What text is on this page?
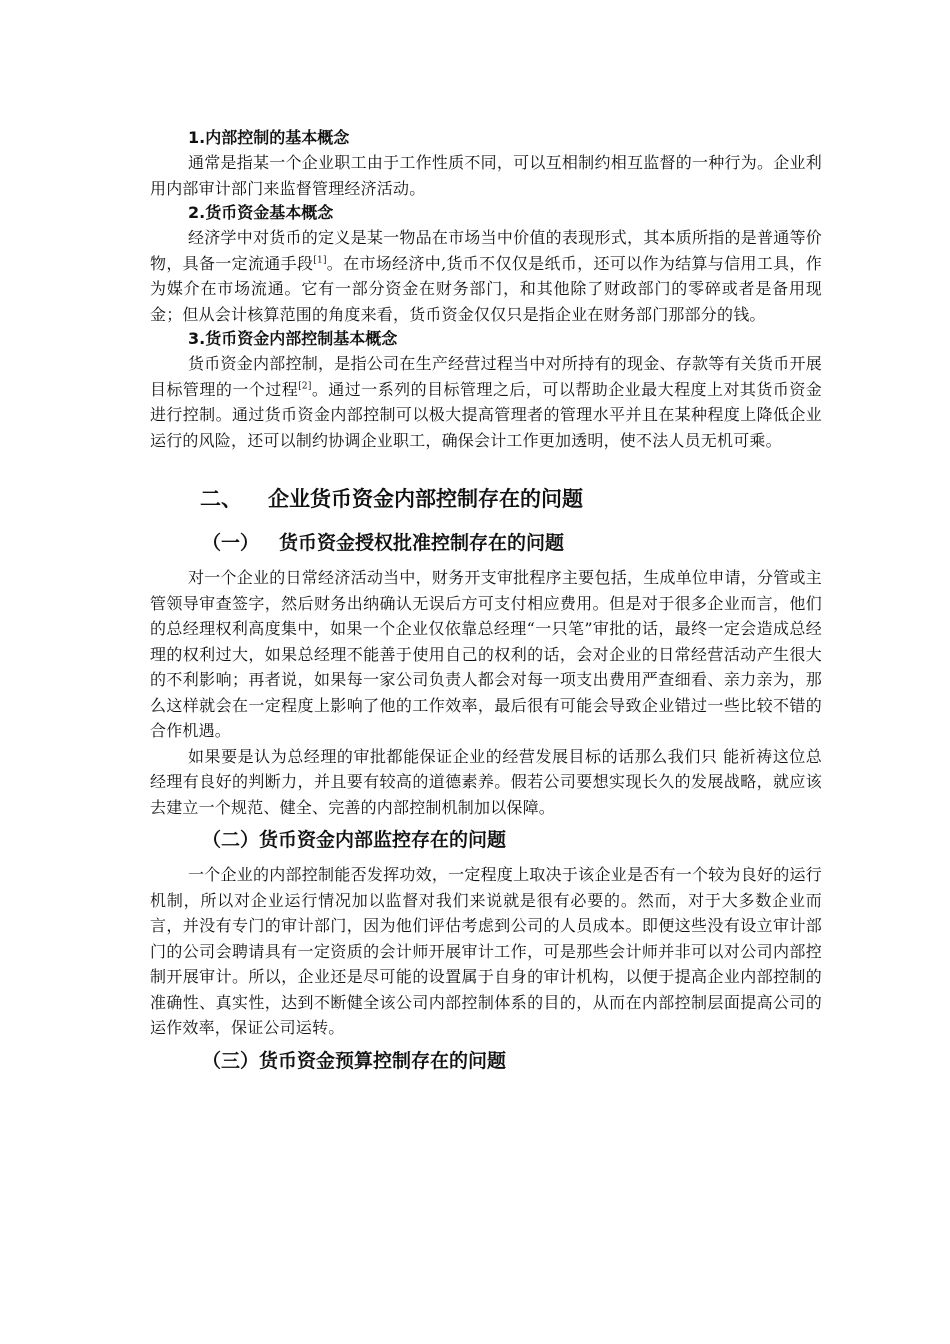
1.内部控制的基本概念

通常是指某一个企业职工由于工作性质不同，可以互相制约相互监督的一种行为。企业利用内部审计部门来监督管理经济活动。

2.货币资金基本概念

经济学中对货币的定义是某一物品在市场当中价值的表现形式，其本质所指的是普通等价物，具备一定流通手段[1]。在市场经济中,货币不仅仅是纸币，还可以作为结算与信用工具，作为媒介在市场流通。它有一部分资金在财务部门，和其他除了财政部门的零碎或者是备用现金；但从会计核算范围的角度来看，货币资金仅仅只是指企业在财务部门那部分的钱。

3.货币资金内部控制基本概念

货币资金内部控制，是指公司在生产经营过程当中对所持有的现金、存款等有关货币开展目标管理的一个过程[2]。通过一系列的目标管理之后，可以帮助企业最大程度上对其货币资金进行控制。通过货币资金内部控制可以极大提高管理者的管理水平并且在某种程度上降低企业运行的风险，还可以制约协调企业职工，确保会计工作更加透明，使不法人员无机可乘。

二、 企业货币资金内部控制存在的问题
（一） 货币资金授权批准控制存在的问题

对一个企业的日常经济活动当中，财务开支审批程序主要包括，生成单位申请，分管或主管领导审查签字，然后财务出纳确认无误后方可支付相应费用。但是对于很多企业而言，他们的总经理权利高度集中，如果一个企业仅依靠总经理“一只笔”审批的话，最终一定会造成总经理的权利过大，如果总经理不能善于使用自己的权利的话，会对企业的日常经营活动产生很大的不利影响；再者说，如果每一家公司负责人都会对每一项支出费用严查细看、亲力亲为，那么这样就会在一定程度上影响了他的工作效率，最后很有可能会导致企业错过一些比较不错的合作机遇。

如果要是认为总经理的审批都能保证企业的经营发展目标的话那么我们只 能祈祷这位总经理有良好的判断力，并且要有较高的道德素养。假若公司要想实现长久的发展战略，就应该去建立一个规范、健全、完善的内部控制机制加以保障。

（二）货币资金内部监控存在的问题

一个企业的内部控制能否发挥功效，一定程度上取决于该企业是否有一个较为良好的运行机制，所以对企业运行情况加以监督对我们来说就是很有必要的。然而，对于大多数企业而言，并没有专门的审计部门，因为他们评估考虑到公司的人员成本。即便这些没有设立审计部门的公司会聘请具有一定资质的会计师开展审计工作，可是那些会计师并非可以对公司内部控制开展审计。所以，企业还是尽可能的设置属于自身的审计机构，以便于提高企业内部控制的准确性、真实性，达到不断健全该公司内部控制体系的目的，从而在内部控制层面提高公司的运作效率，保证公司运转。

（三）货币资金预算控制存在的问题
